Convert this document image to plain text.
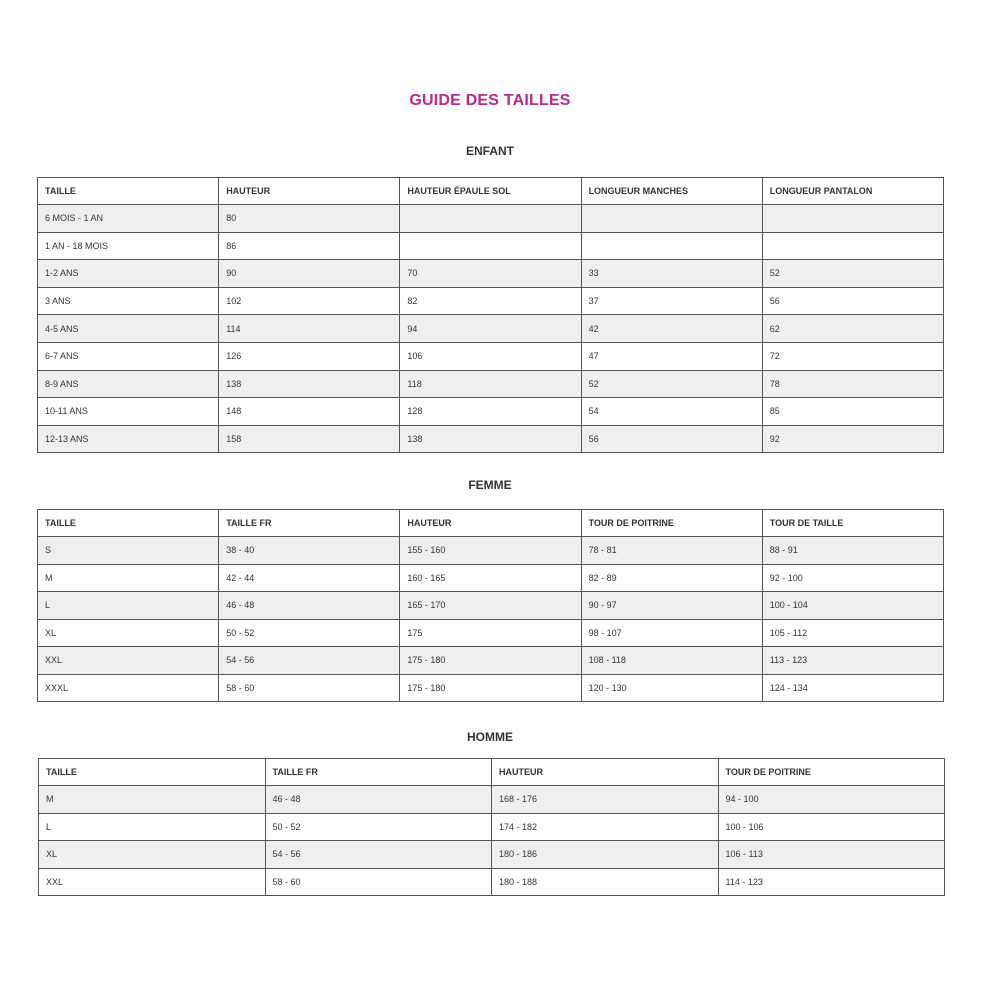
GUIDE DES TAILLES
ENFANT
TAILLE	HAUTEUR	HAUTEUR ÉPAULE SOL	LONGUEUR MANCHES	LONGUEUR PANTALON
6 MOIS - 1 AN	80			
1 AN - 18 MOIS	86			
1-2 ANS	90	70	33	52
3 ANS	102	82	37	56
4-5 ANS	114	94	42	62
6-7 ANS	126	106	47	72
8-9 ANS	138	118	52	78
10-11 ANS	148	128	54	85
12-13 ANS	158	138	56	92
FEMME
TAILLE	TAILLE FR	HAUTEUR	TOUR DE POITRINE	TOUR DE TAILLE
S	38 - 40	155 - 160	78 - 81	88 - 91
M	42 - 44	160 - 165	82 - 89	92 - 100
L	46 - 48	165 - 170	90 - 97	100 - 104
XL	50 - 52	175	98 - 107	105 - 112
XXL	54 - 56	175 - 180	108 - 118	113 - 123
XXXL	58 - 60	175 - 180	120 - 130	124 - 134
HOMME
TAILLE	TAILLE FR	HAUTEUR	TOUR DE POITRINE
M	46 - 48	168 - 176	94 - 100
L	50 - 52	174 - 182	100 - 106
XL	54 - 56	180 - 186	106 - 113
XXL	58 - 60	180 - 188	114 - 123
